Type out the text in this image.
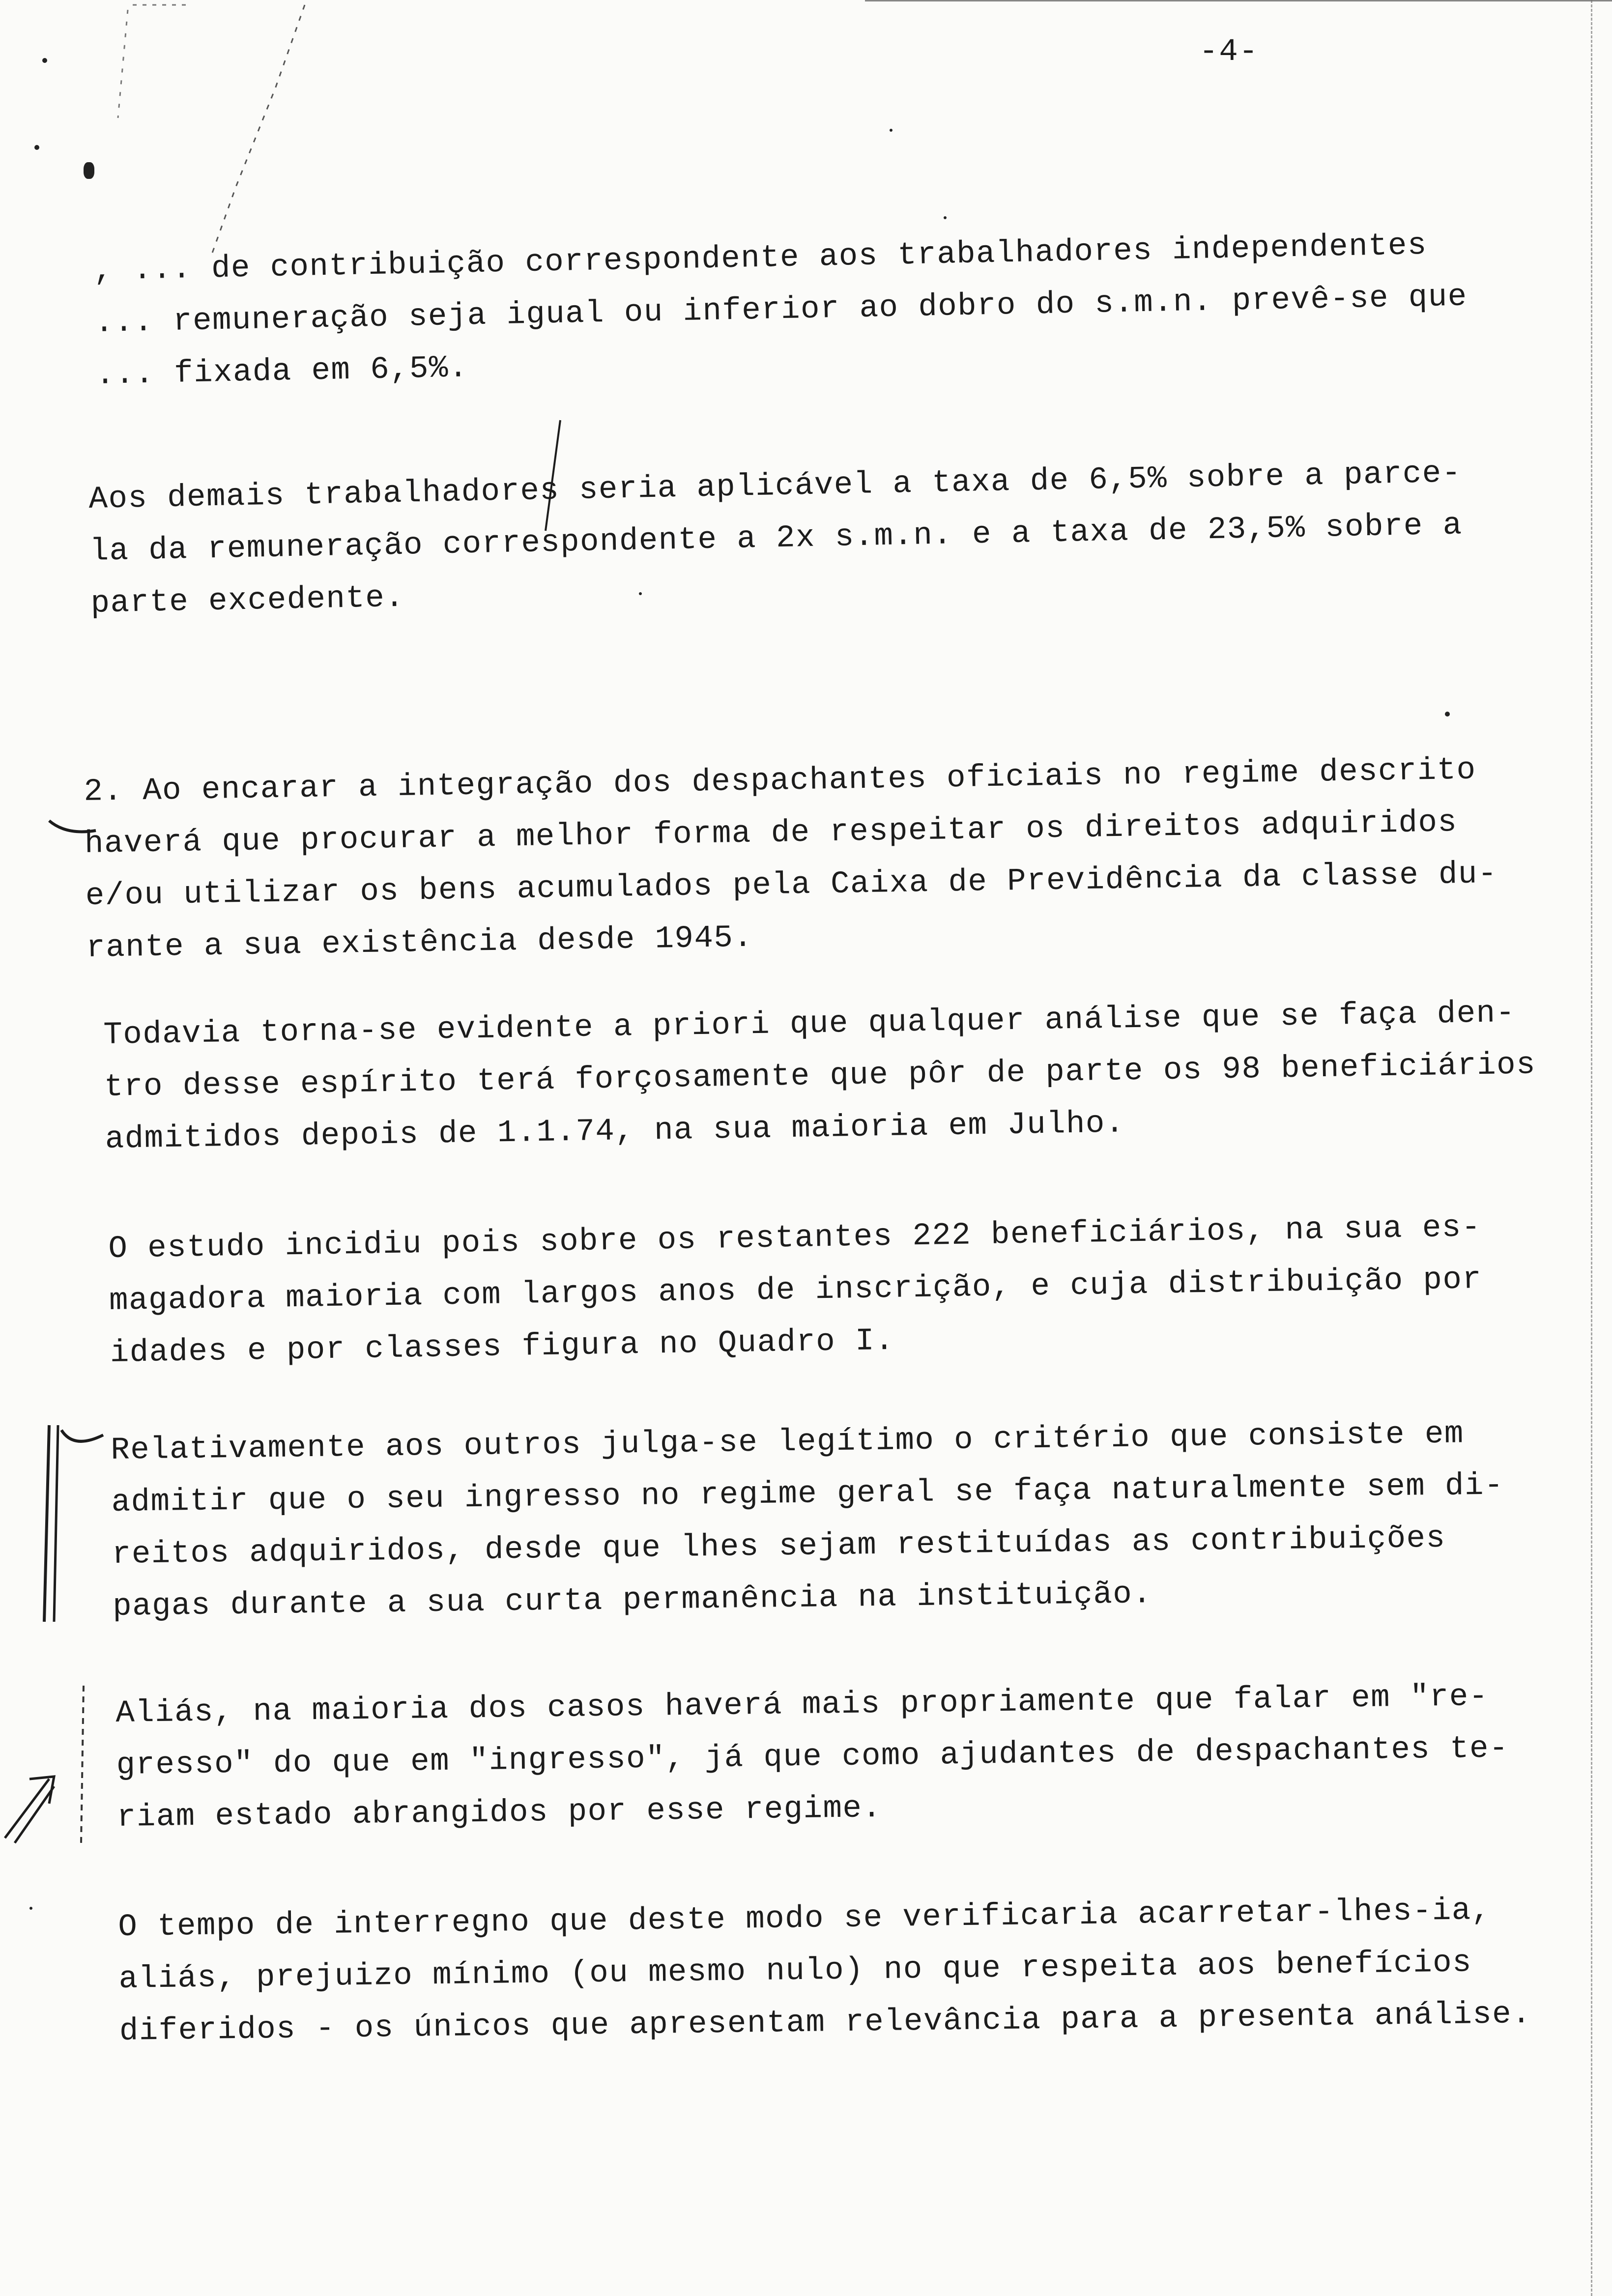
-4-
, ... de contribuição correspondente aos trabalhadores independentes
... remuneração seja igual ou inferior ao dobro do s.m.n. prevê-se que
... fixada em 6,5%.
Aos demais trabalhadores seria aplicável a taxa de 6,5% sobre a parce-
la da remuneração correspondente a 2x s.m.n. e a taxa de 23,5% sobre a
parte excedente.
2. Ao encarar a integração dos despachantes oficiais no regime descrito
haverá que procurar a melhor forma de respeitar os direitos adquiridos
e/ou utilizar os bens acumulados pela Caixa de Previdência da classe du-
rante a sua existência desde 1945.
Todavia torna-se evidente a priori que qualquer análise que se faça den-
tro desse espírito terá forçosamente que pôr de parte os 98 beneficiários
admitidos depois de 1.1.74, na sua maioria em Julho.
O estudo incidiu pois sobre os restantes 222 beneficiários, na sua es-
magadora maioria com largos anos de inscrição, e cuja distribuição por
idades e por classes figura no Quadro I.
Relativamente aos outros julga-se legítimo o critério que consiste em
admitir que o seu ingresso no regime geral se faça naturalmente sem di-
reitos adquiridos, desde que lhes sejam restituídas as contribuições
pagas durante a sua curta permanência na instituição.
Aliás, na maioria dos casos haverá mais propriamente que falar em "re-
gresso" do que em "ingresso", já que como ajudantes de despachantes te-
riam estado abrangidos por esse regime.
O tempo de interregno que deste modo se verificaria acarretar-lhes-ia,
aliás, prejuizo mínimo (ou mesmo nulo) no que respeita aos benefícios
diferidos - os únicos que apresentam relevância para a presenta análise.
